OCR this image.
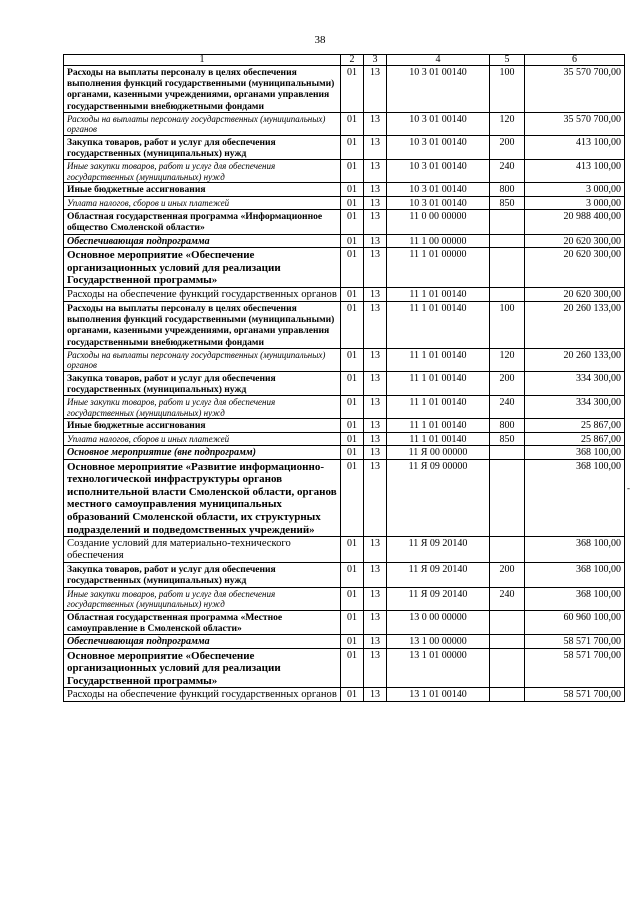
38
-
1	2	3	4	5	6
Расходы на выплаты персоналу в целях обеспечения выполнения функций государственными (муниципальными) органами, казенными учреждениями, органами управления государственными внебюджетными фондами	01	13	10 3 01 00140	100	35 570 700,00
Расходы на выплаты персоналу государственных (муниципальных) органов	01	13	10 3 01 00140	120	35 570 700,00
Закупка товаров, работ и услуг для обеспечения государственных (муниципальных) нужд	01	13	10 3 01 00140	200	413 100,00
Иные закупки товаров, работ и услуг для обеспечения государственных (муниципальных) нужд	01	13	10 3 01 00140	240	413 100,00
Иные бюджетные ассигнования	01	13	10 3 01 00140	800	3 000,00
Уплата налогов, сборов и иных платежей	01	13	10 3 01 00140	850	3 000,00
Областная государственная программа «Информационное общество Смоленской области»	01	13	11 0 00 00000		20 988 400,00
Обеспечивающая подпрограмма	01	13	11 1 00 00000		20 620 300,00
Основное мероприятие «Обеспечение организационных условий для реализации Государственной программы»	01	13	11 1 01 00000		20 620 300,00
Расходы на обеспечение функций государственных органов	01	13	11 1 01 00140		20 620 300,00
Расходы на выплаты персоналу в целях обеспечения выполнения функций государственными (муниципальными) органами, казенными учреждениями, органами управления государственными внебюджетными фондами	01	13	11 1 01 00140	100	20 260 133,00
Расходы на выплаты персоналу государственных (муниципальных) органов	01	13	11 1 01 00140	120	20 260 133,00
Закупка товаров, работ и услуг для обеспечения государственных (муниципальных) нужд	01	13	11 1 01 00140	200	334 300,00
Иные закупки товаров, работ и услуг для обеспечения государственных (муниципальных) нужд	01	13	11 1 01 00140	240	334 300,00
Иные бюджетные ассигнования	01	13	11 1 01 00140	800	25 867,00
Уплата налогов, сборов и иных платежей	01	13	11 1 01 00140	850	25 867,00
Основное мероприятие (вне подпрограмм)	01	13	11 Я 00 00000		368 100,00
Основное мероприятие «Развитие информационно-технологической инфраструктуры органов исполнительной власти Смоленской области, органов местного самоуправления муниципальных образований Смоленской области, их структурных подразделений и подведомственных учреждений»	01	13	11 Я 09 00000		368 100,00
Создание условий для материально-технического обеспечения	01	13	11 Я 09 20140		368 100,00
Закупка товаров, работ и услуг для обеспечения государственных (муниципальных) нужд	01	13	11 Я 09 20140	200	368 100,00
Иные закупки товаров, работ и услуг для обеспечения государственных (муниципальных) нужд	01	13	11 Я 09 20140	240	368 100,00
Областная государственная программа «Местное самоуправление в Смоленской области»	01	13	13 0 00 00000		60 960 100,00
Обеспечивающая подпрограмма	01	13	13 1 00 00000		58 571 700,00
Основное мероприятие «Обеспечение организационных условий для реализации Государственной программы»	01	13	13 1 01 00000		58 571 700,00
Расходы на обеспечение функций государственных органов	01	13	13 1 01 00140		58 571 700,00
